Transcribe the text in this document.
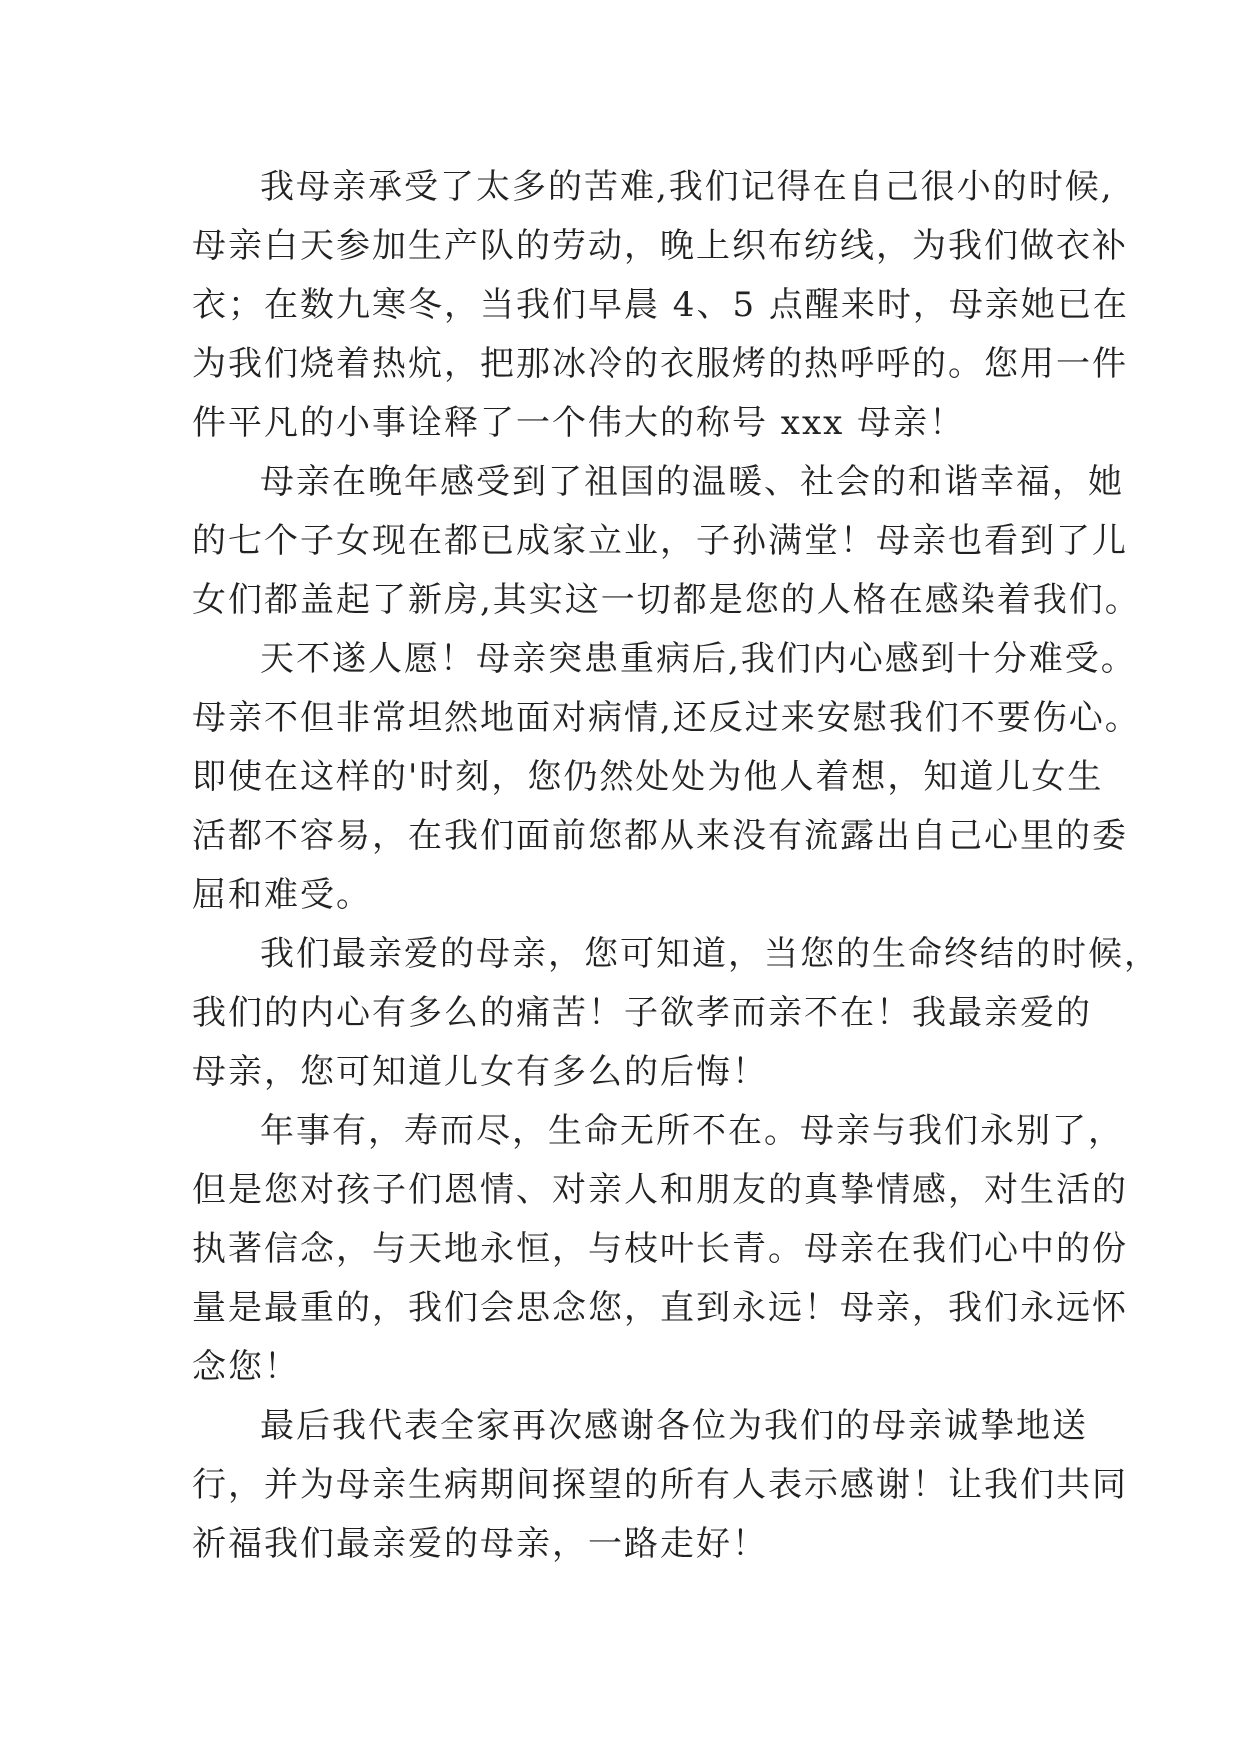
我母亲承受了太多的苦难,我们记得在自己很小的时候,
母亲白天参加生产队的劳动，晚上织布纺线，为我们做衣补
衣；在数九寒冬，当我们早晨 4、5 点醒来时，母亲她已在
为我们烧着热炕，把那冰冷的衣服烤的热呼呼的。您用一件
件平凡的小事诠释了一个伟大的称号 xxx 母亲！
母亲在晚年感受到了祖国的温暖、社会的和谐幸福，她
的七个子女现在都已成家立业，子孙满堂！母亲也看到了儿
女们都盖起了新房,其实这一切都是您的人格在感染着我们。
天不遂人愿！母亲突患重病后,我们内心感到十分难受。
母亲不但非常坦然地面对病情,还反过来安慰我们不要伤心。
即使在这样的'时刻，您仍然处处为他人着想，知道儿女生
活都不容易，在我们面前您都从来没有流露出自己心里的委
屈和难受。
我们最亲爱的母亲，您可知道，当您的生命终结的时候，
我们的内心有多么的痛苦！子欲孝而亲不在！我最亲爱的
母亲，您可知道儿女有多么的后悔！
年事有，寿而尽，生命无所不在。母亲与我们永别了，
但是您对孩子们恩情、对亲人和朋友的真挚情感，对生活的
执著信念，与天地永恒，与枝叶长青。母亲在我们心中的份
量是最重的，我们会思念您，直到永远！母亲，我们永远怀
念您！
最后我代表全家再次感谢各位为我们的母亲诚挚地送
行，并为母亲生病期间探望的所有人表示感谢！让我们共同
祈福我们最亲爱的母亲，一路走好！
